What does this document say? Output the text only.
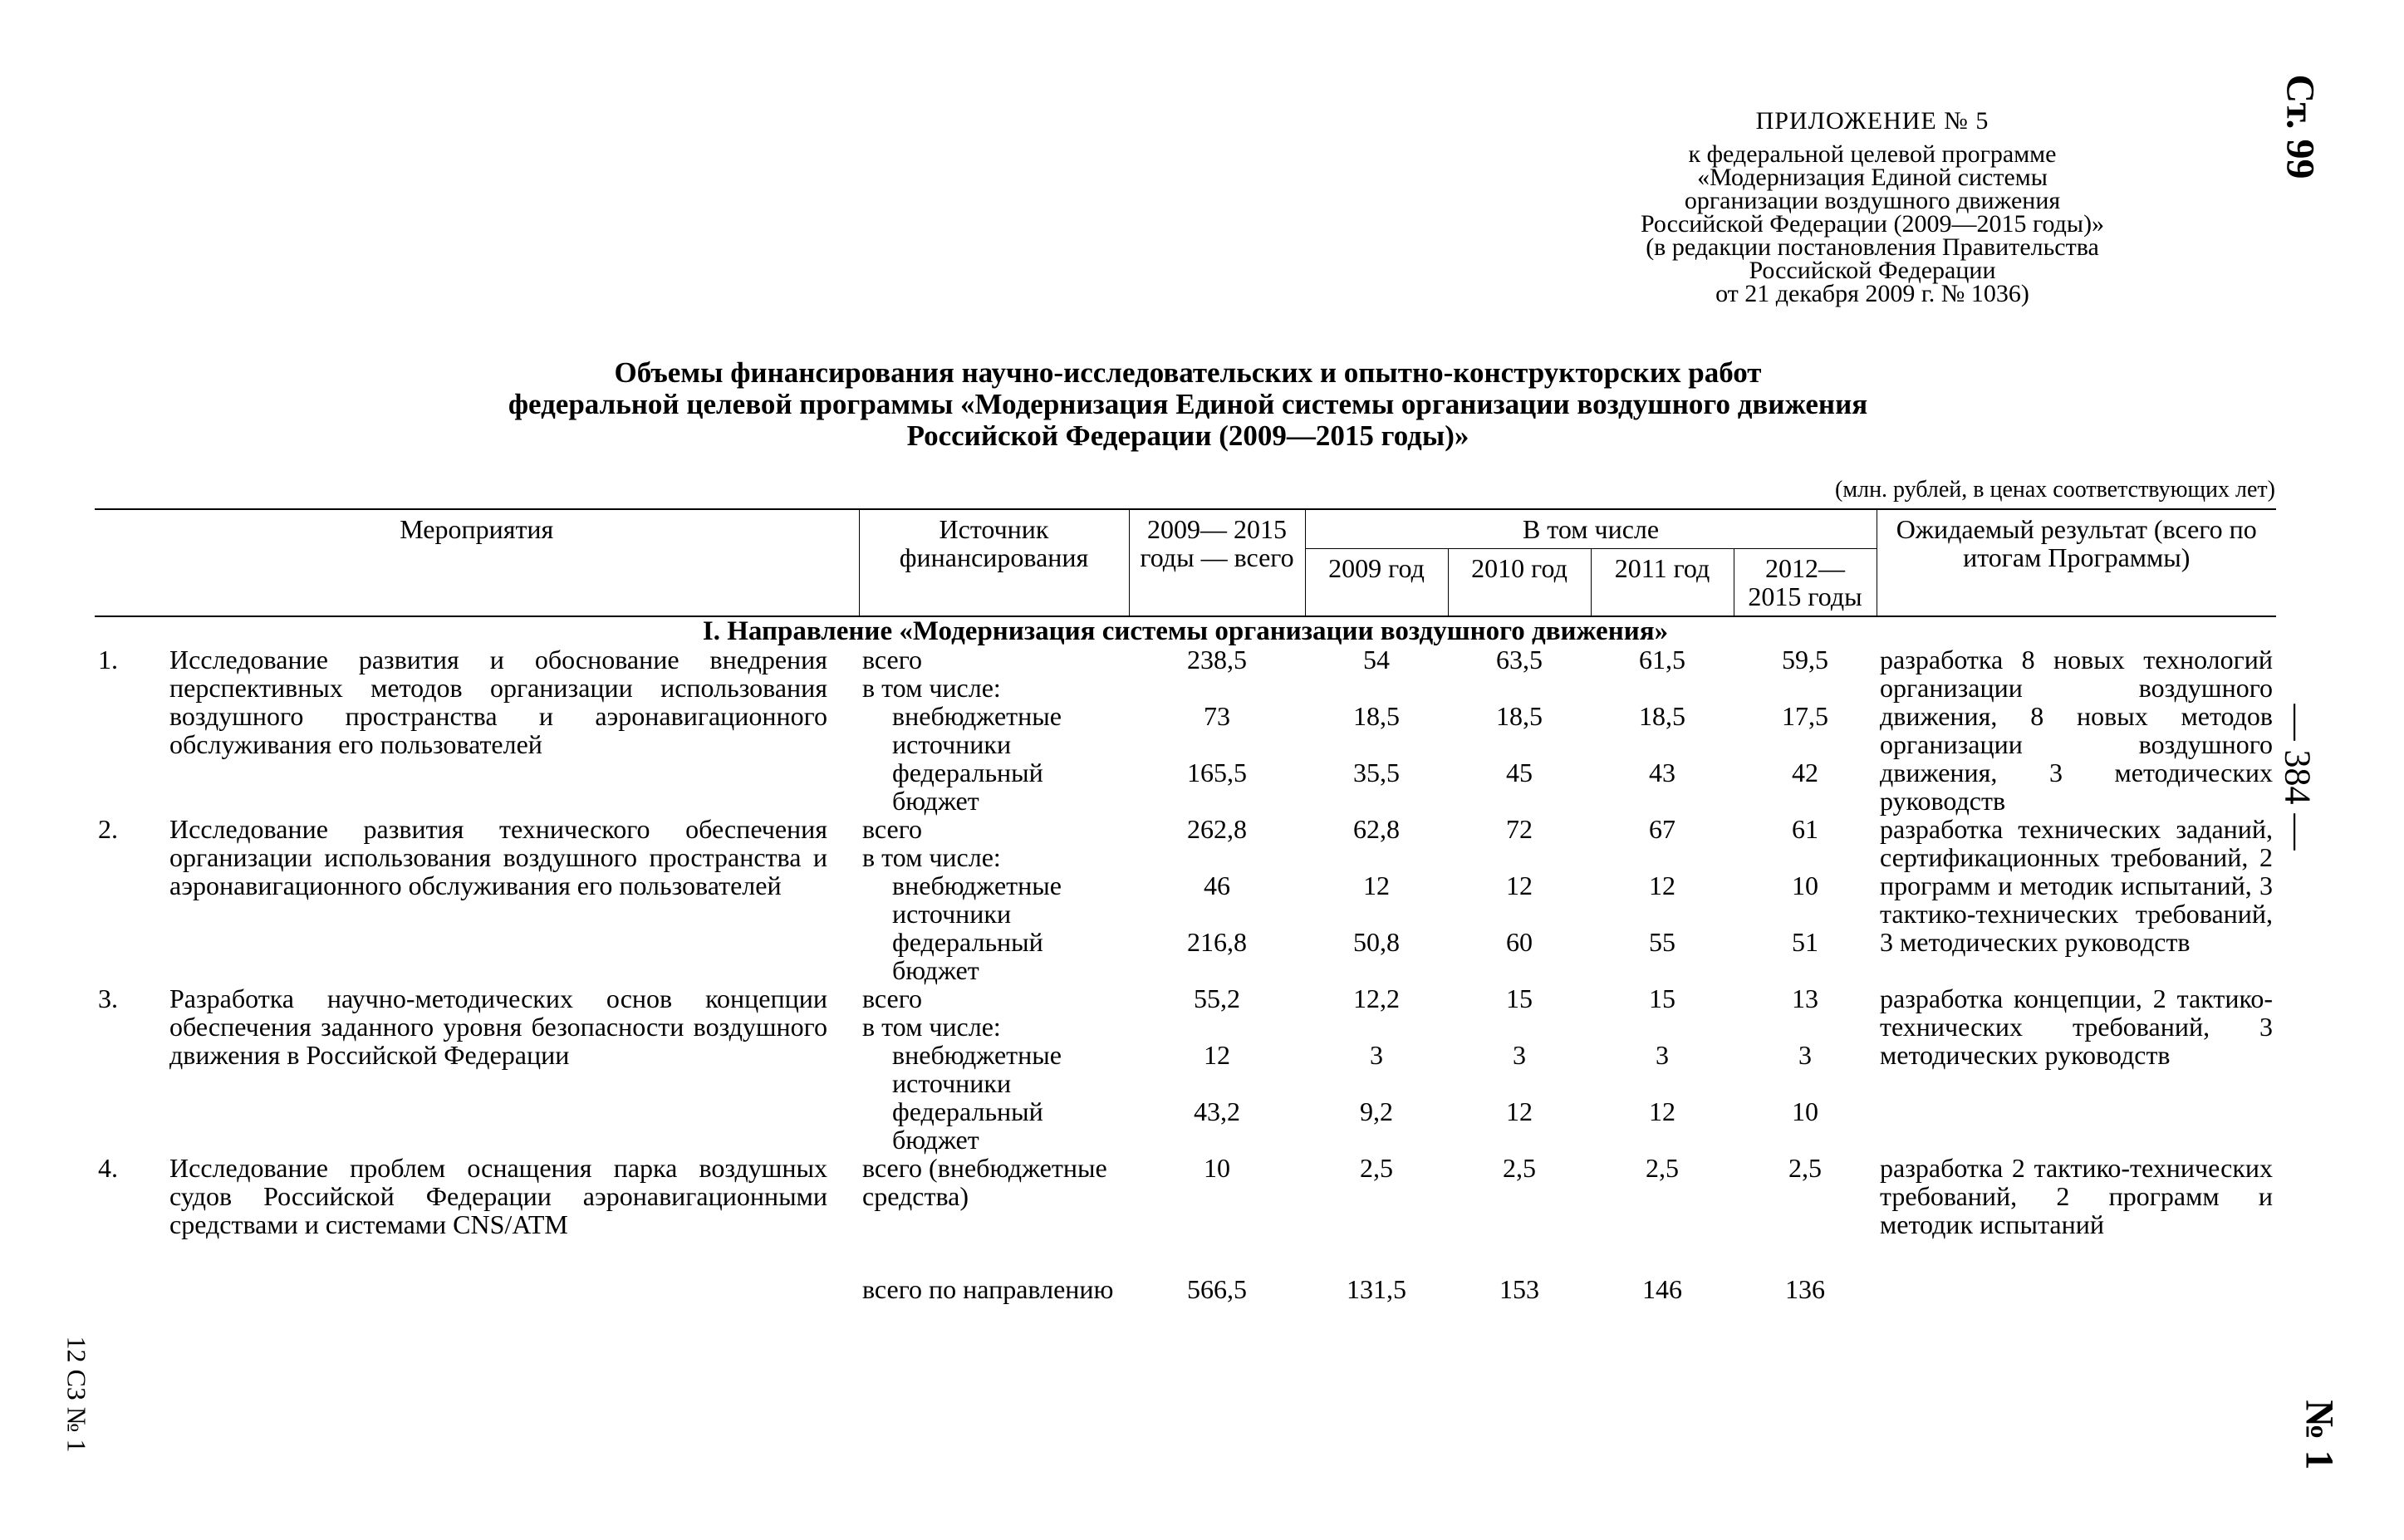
ПРИЛОЖЕНИЕ № 5
к федеральной целевой программе
«Модернизация Единой системы
организации воздушного движения
Российской Федерации (2009—2015 годы)»
(в редакции постановления Правительства
Российской Федерации
от 21 декабря 2009 г. № 1036)
Объемы финансирования научно-исследовательских и опытно-конструкторских работ
федеральной целевой программы «Модернизация Единой системы организации воздушного движения
Российской Федерации (2009—2015 годы)»
(млн. рублей, в ценах соответствующих лет)
Мероприятия	Источник финансирования	2009— 2015 годы — всего	В том числе				Ожидаемый результат (всего по итогам Программы)
			2009 год	2010 год	2011 год	2012— 2015 годы	
I. Направление «Модернизация системы организации воздушного движения»							

1. Исследование развития и обоснование внедрения перспективных методов организации использования воздушного пространства и аэронавигационного обслуживания его пользователей	всего	238,5	54	63,5	61,5	59,5	разработка 8 новых технологий организации воздушного движения, 8 новых методов организации воздушного движения, 3 методических руководств
	в том числе:						

	внебюджетные источники	73	18,5	18,5	18,5	17,5	

	федеральный бюджет	165,5	35,5	45	43	42	

2. Исследование развития технического обеспечения организации использования воздушного пространства и аэронавигационного обслуживания его пользователей	всего	262,8	62,8	72	67	61	разработка технических заданий, сертификационных требований, 2 программ и методик испытаний, 3 тактико-технических требований, 3 методических руководств
	в том числе:						

	внебюджетные источники	46	12	12	12	10	

	федеральный бюджет	216,8	50,8	60	55	51	

3. Разработка научно-методических основ концепции обеспечения заданного уровня безопасности воздушного движения в Российской Федерации	всего	55,2	12,2	15	15	13	разработка концепции, 2 тактико-технических требований, 3 методических руководств
	в том числе:						

	внебюджетные источники	12	3	3	3	3	

	федеральный бюджет	43,2	9,2	12	12	10	

4. Исследование проблем оснащения парка воздушных судов Российской Федерации аэронавигационными средствами и системами CNS/ATM	всего (внебюджетные средства)	10	2,5	2,5	2,5	2,5	разработка 2 тактико-технических требований, 2 программ и методик испытаний
	всего по направлению	566,5	131,5	153	146	136	
Ст. 99
— 384 —
№ 1
12 СЗ № 1
